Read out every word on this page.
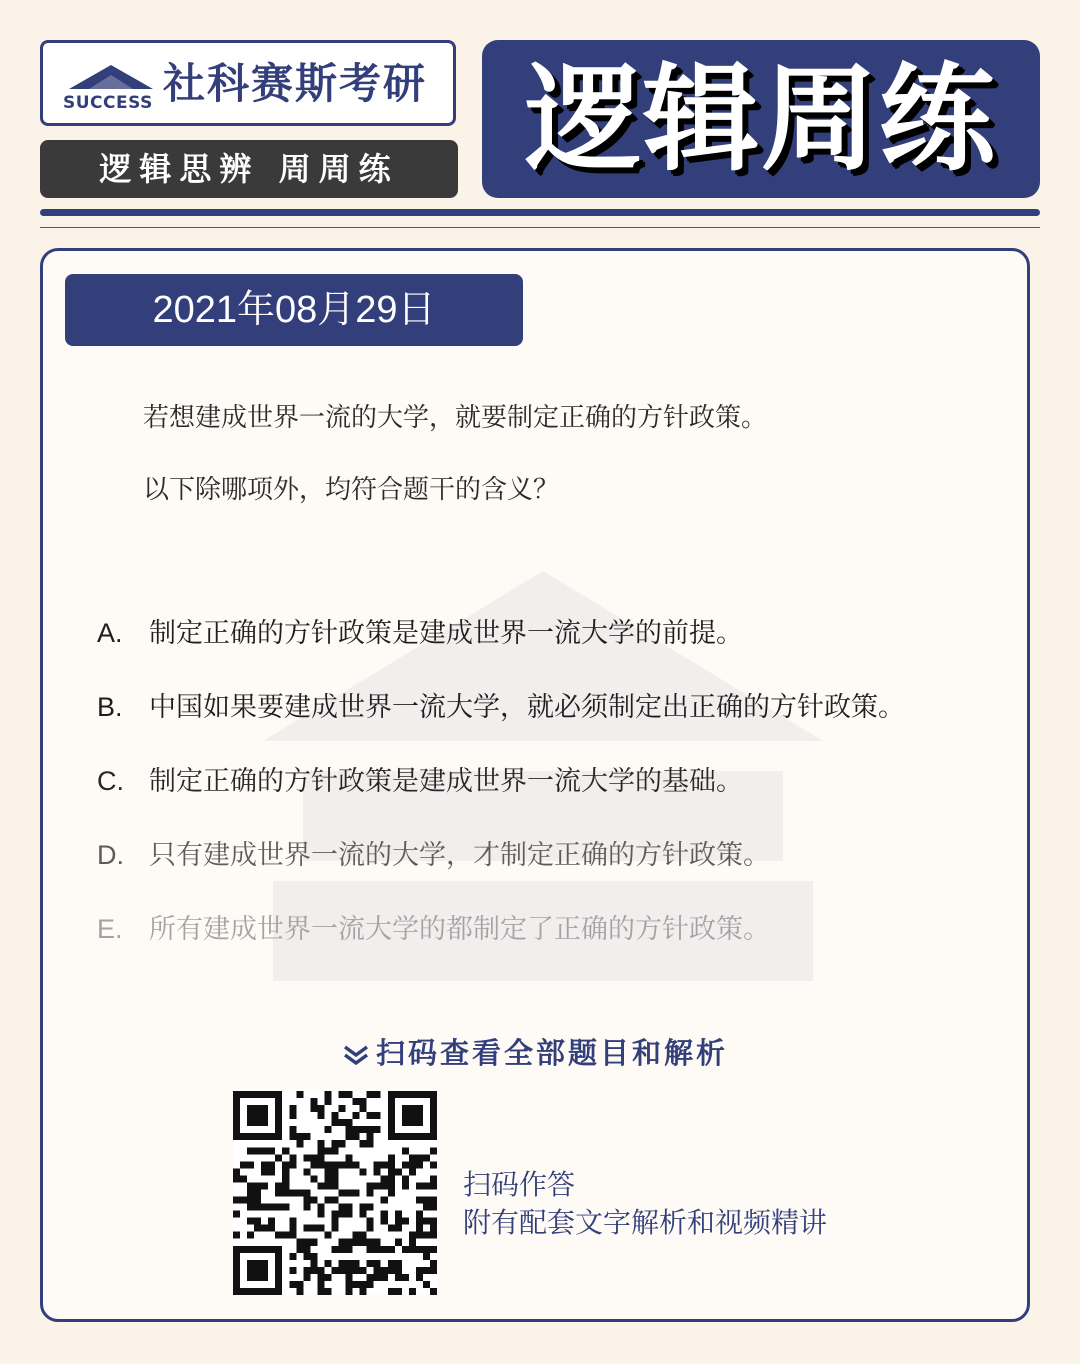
SUCCESS 社科赛斯考研
逻辑思辨 周周练	逻辑周练
2021年08月29日
若想建成世界一流的大学，就要制定正确的方针政策。
以下除哪项外，均符合题干的含义？
A. 制定正确的方针政策是建成世界一流大学的前提。
B. 中国如果要建成世界一流大学，就必须制定出正确的方针政策。
C. 制定正确的方针政策是建成世界一流大学的基础。
D. 只有建成世界一流的大学，才制定正确的方针政策。
E. 所有建成世界一流大学的都制定了正确的方针政策。
扫码查看全部题目和解析
扫码作答
附有配套文字解析和视频精讲
